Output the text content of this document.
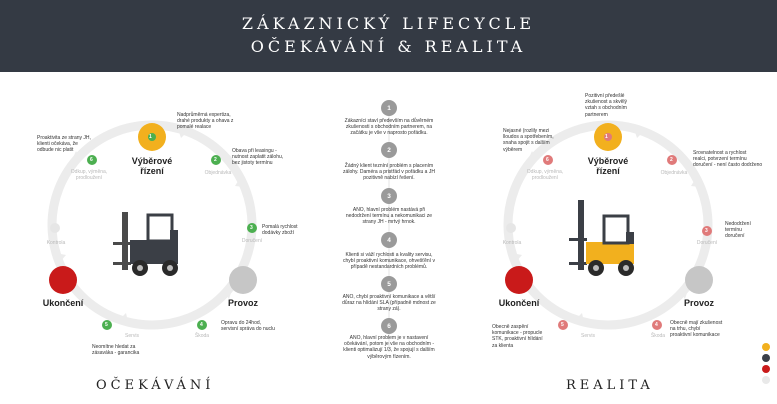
ZÁKAZNICKÝ LIFECYCLE
OČEKÁVÁNÍ & REALITA
1
2
3
4
5
6	Výběrové
řízení
Ukončení	Provoz
Objednávka
Doručení
Škoda
Servis
Kontrola
Odkup, výměna,
prodloužení
Nadprůměrná expertiza,
drahé produkty a ohava z
pomalé realace
Obava při leasingu -
nutnost zaplatit zálohu,
bez jistoty termínu
Pomalá rychlost
dodávky zboží
Opravu do 24hod,
servisní správa do nuclu
Neomítne hledat za
zásaváka - garancika
Proaktivita ze strany JH,
klienti očekáva, že
odbude nic platit
OČEKÁVÁNÍ
1
Zákazníci staví především na důvěrném zkušenosti s obchodním partnerem, na začátku je vše v naprosto pořádku.
2
Žádný klient tezníní problém s placením zálohy. Daméra a pristřád v pořádku a JH pozitivně nabízí řešení.
3
ANO, hlavní problém nastává při nedodržení termínu a nekomunikaci ze strany JH - mrtvý hrnok.
4
Klienti si váží rychlosti a kvality servisu, chybí proaktivní komunikace, ohvešťění v případě nestandardních problémů.
5
ANO, chybí proaktivní komunikace a větší důraz na hlídání SLA (případně mdnost ze strany zá).
6
ANO, hlavní problem je v nastavení očekávání, potom je vše na obchodním - klienti optimalizují 1/3, že spojují s dalším výběrovým řízením.
1
2
3
4
5
6	Výběrové
řízení
Ukončení	Provoz
Objednávka
Doručení
Škoda
Servis
Kontrola
Odkup, výměna,
prodloužení
Pozitivní předešlé
zkušenost a skvělý
vztah s obchodním
partnerem
Srovnatelnost a rychlost
realci, potvrzení termínu
doručení - není často dodrženo
Nedodržení
termínu
doručení
Obecně mají zkušenost
na trhu, chybí
proaktivní komunikace
Obecně zaspění
komunikace - propucle
STK, proaktivní hlídání
za klienta
Nejasné (rozlily mezi
lloudos a spotřebením,
snaha spojit s dalším
výběrem
REALITA
